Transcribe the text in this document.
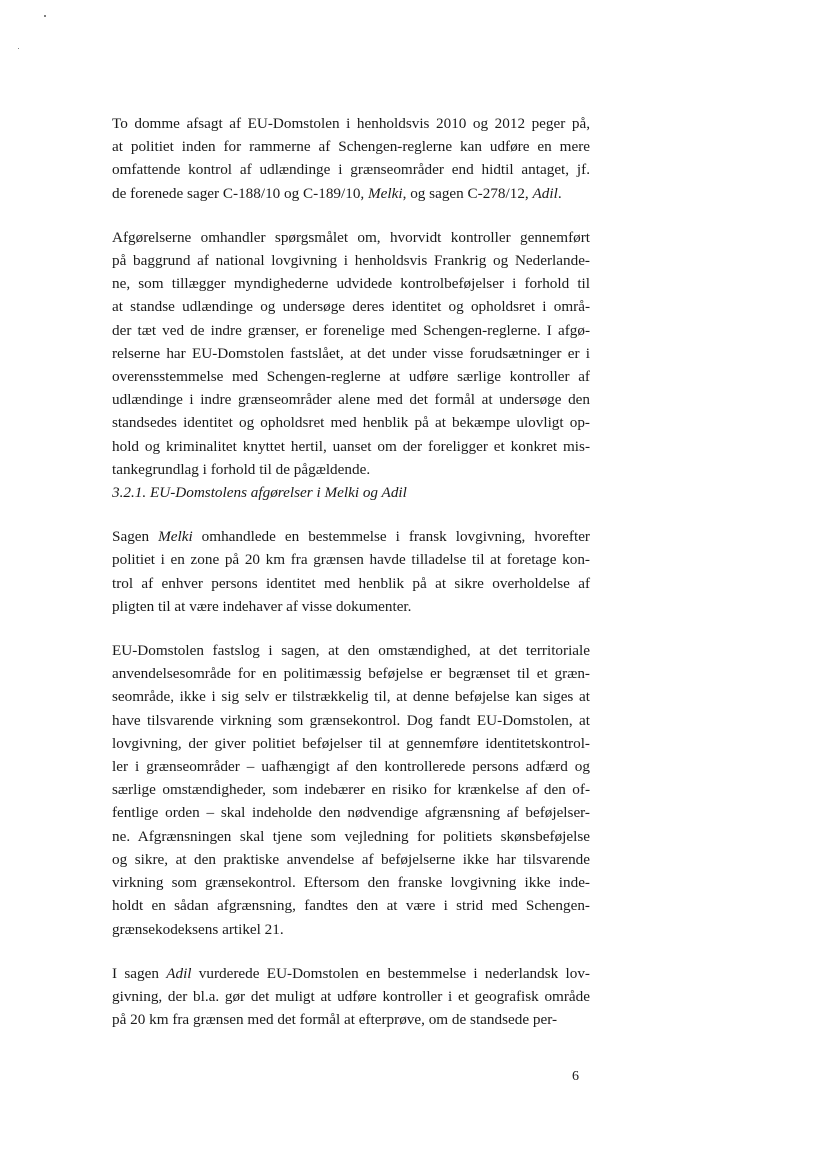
To domme afsagt af EU-Domstolen i henholdsvis 2010 og 2012 peger på,
at politiet inden for rammerne af Schengen-reglerne kan udføre en mere
omfattende kontrol af udlændinge i grænseområder end hidtil antaget, jf.
de forenede sager C-188/10 og C-189/10, Melki, og sagen C-278/12, Adil.

Afgørelserne omhandler spørgsmålet om, hvorvidt kontroller gennemført
på baggrund af national lovgivning i henholdsvis Frankrig og Nederlande-
ne, som tillægger myndighederne udvidede kontrolbeføjelser i forhold til
at standse udlændinge og undersøge deres identitet og opholdsret i områ-
der tæt ved de indre grænser, er forenelige med Schengen-reglerne. I afgø-
relserne har EU-Domstolen fastslået, at det under visse forudsætninger er i
overensstemmelse med Schengen-reglerne at udføre særlige kontroller af
udlændinge i indre grænseområder alene med det formål at undersøge den
standsedes identitet og opholdsret med henblik på at bekæmpe ulovligt op-
hold og kriminalitet knyttet hertil, uanset om der foreligger et konkret mis-
tankegrundlag i forhold til de pågældende.

3.2.1. EU-Domstolens afgørelser i Melki og Adil

Sagen Melki omhandlede en bestemmelse i fransk lovgivning, hvorefter
politiet i en zone på 20 km fra grænsen havde tilladelse til at foretage kon-
trol af enhver persons identitet med henblik på at sikre overholdelse af
pligten til at være indehaver af visse dokumenter.

EU-Domstolen fastslog i sagen, at den omstændighed, at det territoriale
anvendelsesområde for en politimæssig beføjelse er begrænset til et græn-
seområde, ikke i sig selv er tilstrækkelig til, at denne beføjelse kan siges at
have tilsvarende virkning som grænsekontrol. Dog fandt EU-Domstolen, at
lovgivning, der giver politiet beføjelser til at gennemføre identitetskontrol-
ler i grænseområder – uafhængigt af den kontrollerede persons adfærd og
særlige omstændigheder, som indebærer en risiko for krænkelse af den of-
fentlige orden – skal indeholde den nødvendige afgrænsning af beføjelser-
ne. Afgrænsningen skal tjene som vejledning for politiets skønsbeføjelse
og sikre, at den praktiske anvendelse af beføjelserne ikke har tilsvarende
virkning som grænsekontrol. Eftersom den franske lovgivning ikke inde-
holdt en sådan afgrænsning, fandtes den at være i strid med Schengen-
grænsekodeksens artikel 21.

I sagen Adil vurderede EU-Domstolen en bestemmelse i nederlandsk lov-
givning, der bl.a. gør det muligt at udføre kontroller i et geografisk område
på 20 km fra grænsen med det formål at efterprøve, om de standsede per-

6
